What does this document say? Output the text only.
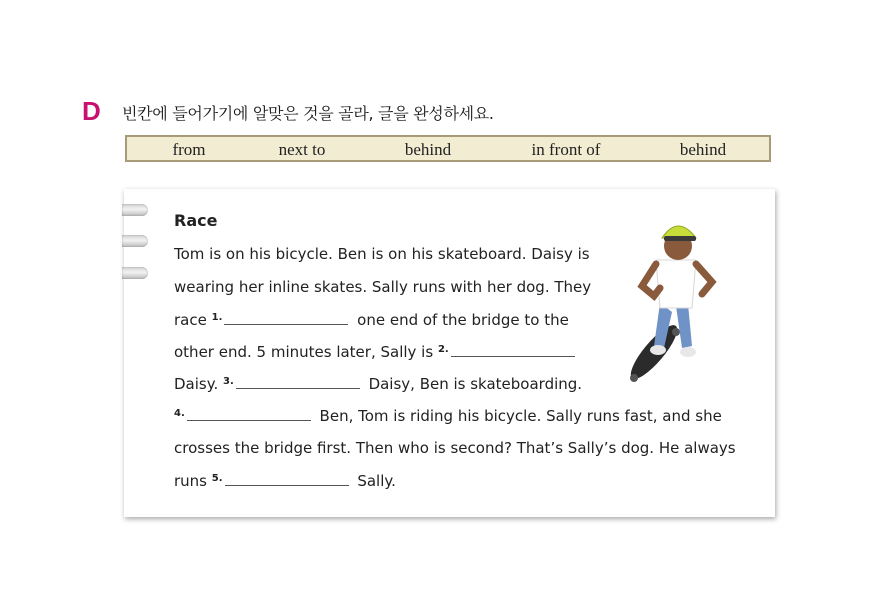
D 빈칸에 들어가기에 알맞은 것을 골라, 글을 완성하세요.
from	next to	behind	in front of	behind
Race
Tom is on his bicycle. Ben is on his skateboard. Daisy is
wearing her inline skates. Sally runs with her dog. They
race $^{1.}$	one end of the bridge to the
other end. 5 minutes later, Sally is $^{2.}$
Daisy. $^{3.}$	Daisy, Ben is skateboarding.
$^{4.}$	Ben, Tom is riding his bicycle. Sally runs fast, and she
crosses the bridge first. Then who is second? That’s Sally’s dog. He always
runs $^{5.}$	Sally.
